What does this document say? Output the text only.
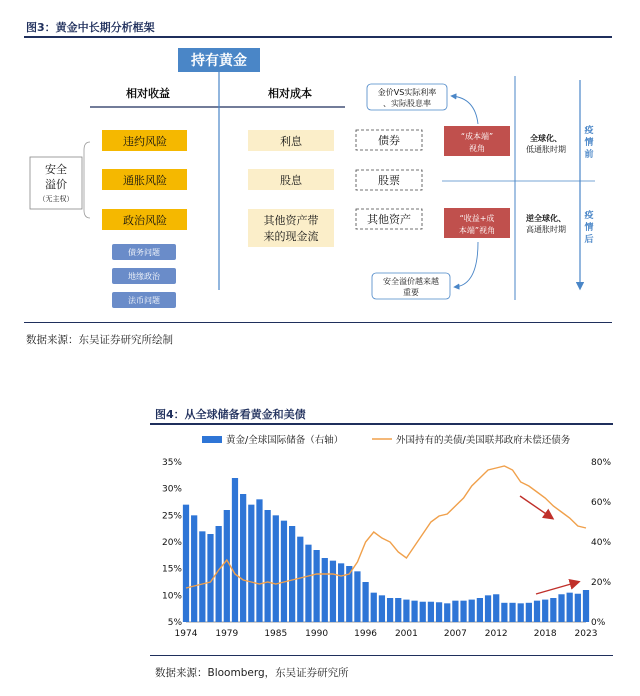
图3：黄金中长期分析框架
持有黄金
相对收益	相对成本
安全
溢价
（无主权）
违约风险
通胀风险
政治风险
债务问题
地缘政治
法币问题
利息
股息
其他资产带
来的现金流
债券
股票
其他资产
金价VS实际利率
、实际股息率
安全溢价越来越
重要
“成本端”
视角
“收益+成
本端”视角
全球化、
低通胀时期
逆全球化、
高通胀时期
疫
情
前
疫
情
后
数据来源：东吴证券研究所绘制
图4：从全球储备看黄金和美债
黄金/全球国际储备（右轴）	外国持有的美债/美国联邦政府未偿还债务
5%
10%
15%
20%
25%
30%
35%
0%
20%
40%
60%
80%
1974 1979	1985 1990	1996 2001	2007 2012	2018 2023
数据来源：Bloomberg，东吴证券研究所
